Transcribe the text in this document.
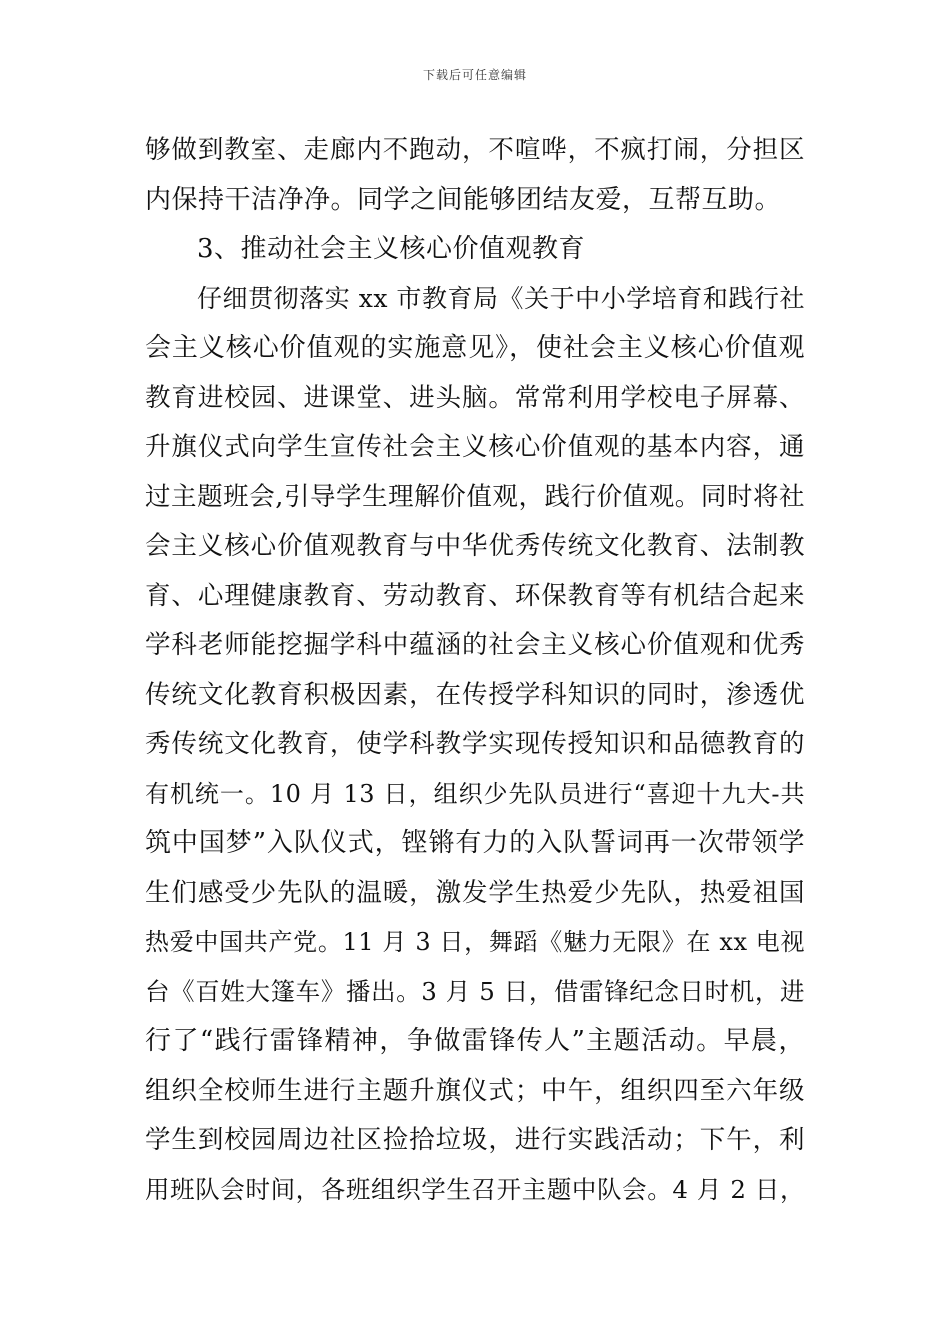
下载后可任意编辑
够做到教室、走廊内不跑动，不喧哗，不疯打闹，分担区
内保持干洁净净。同学之间能够团结友爱，互帮互助。
3、推动社会主义核心价值观教育
仔细贯彻落实 xx 市教育局《关于中小学培育和践行社
会主义核心价值观的实施意见》，使社会主义核心价值观
教育进校园、进课堂、进头脑。常常利用学校电子屏幕、
升旗仪式向学生宣传社会主义核心价值观的基本内容，通
过主题班会,引导学生理解价值观，践行价值观。同时将社
会主义核心价值观教育与中华优秀传统文化教育、法制教
育、心理健康教育、劳动教育、环保教育等有机结合起来
学科老师能挖掘学科中蕴涵的社会主义核心价值观和优秀
传统文化教育积极因素，在传授学科知识的同时，渗透优
秀传统文化教育，使学科教学实现传授知识和品德教育的
有机统一。10 月 13 日，组织少先队员进行“喜迎十九大-共
筑中国梦”入队仪式，铿锵有力的入队誓词再一次带领学
生们感受少先队的温暖，激发学生热爱少先队，热爱祖国
热爱中国共产党。11 月 3 日，舞蹈《魅力无限》在 xx 电视
台《百姓大篷车》播出。3 月 5 日，借雷锋纪念日时机，进
行了“践行雷锋精神，争做雷锋传人”主题活动。早晨，
组织全校师生进行主题升旗仪式；中午，组织四至六年级
学生到校园周边社区捡拾垃圾，进行实践活动；下午，利
用班队会时间，各班组织学生召开主题中队会。4 月 2 日，
